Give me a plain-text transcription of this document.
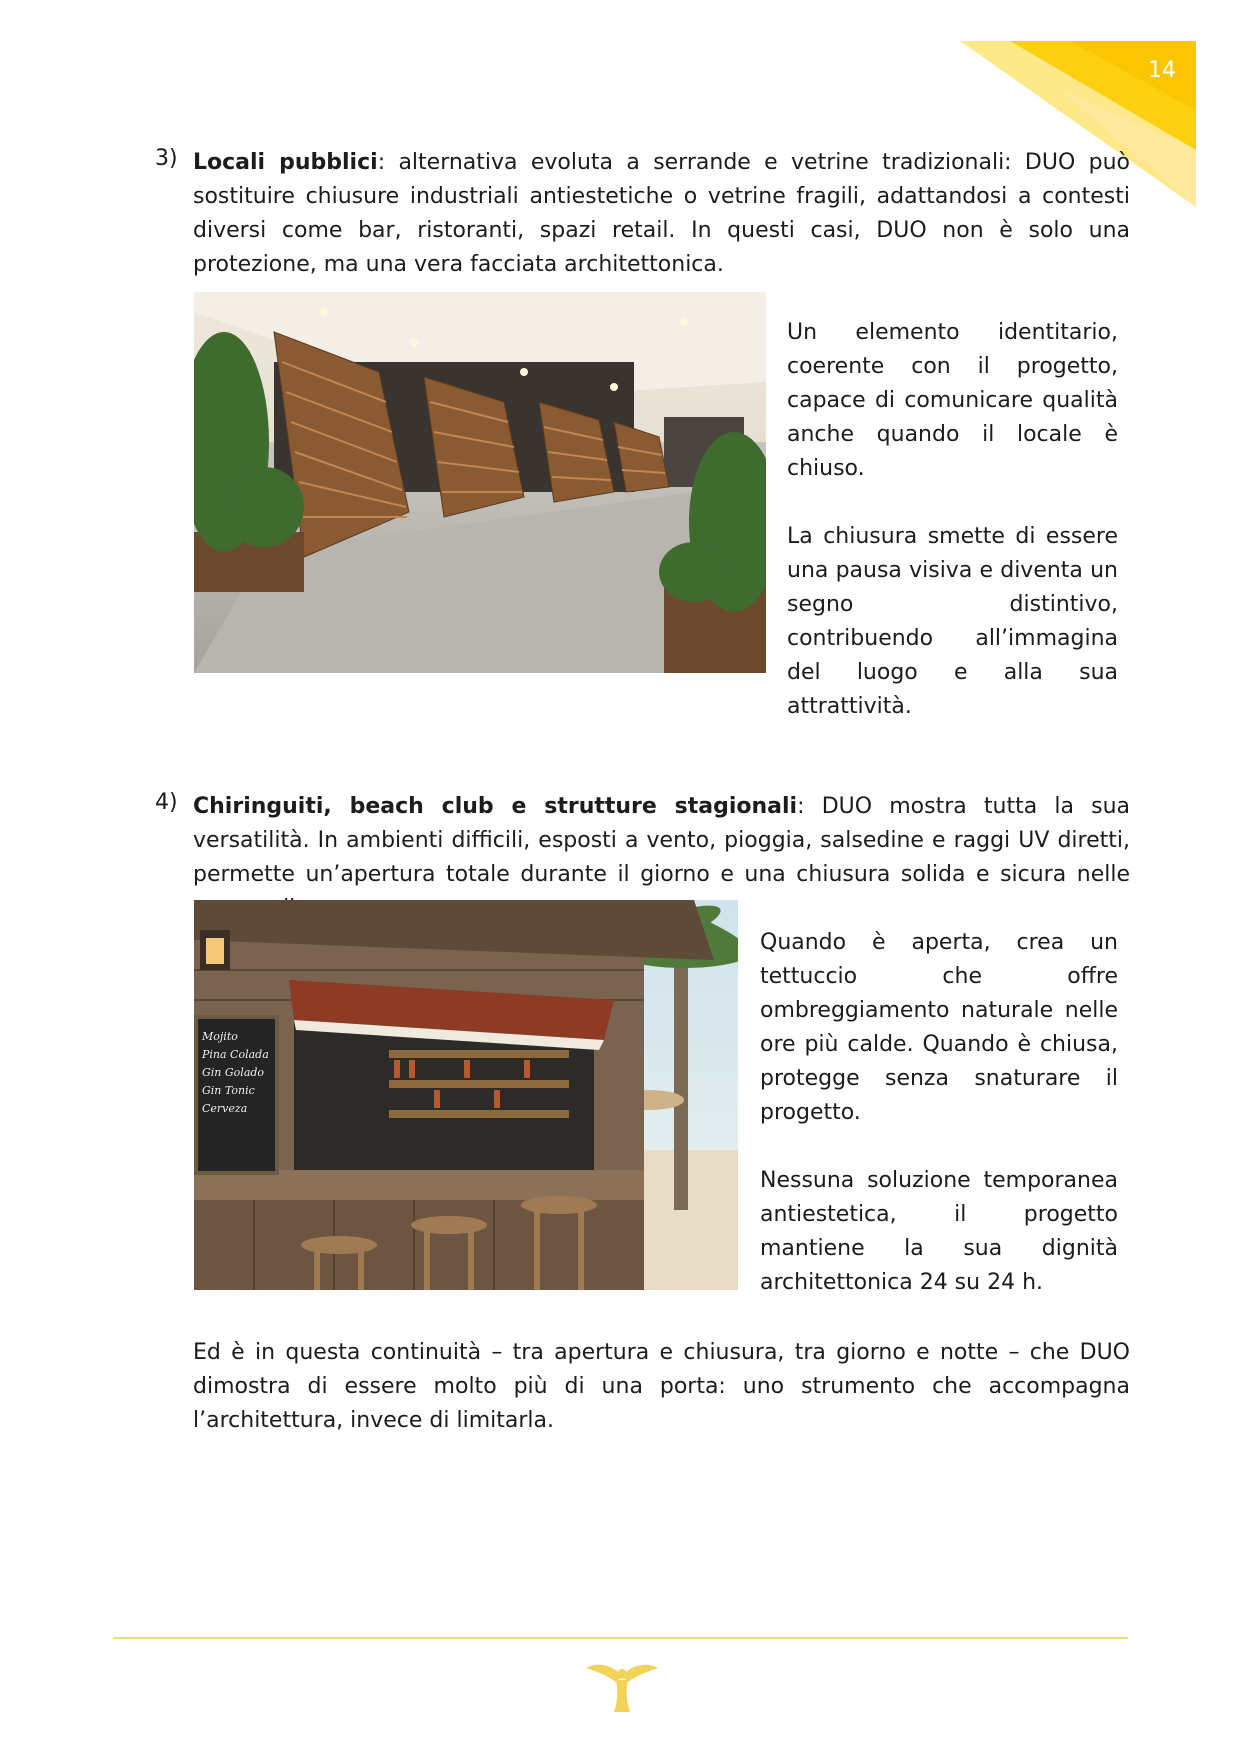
14
3) Locali pubblici: alternativa evoluta a serrande e vetrine tradizionali: DUO può sostituire chiusure industriali antiestetiche o vetrine fragili, adattandosi a contesti diversi come bar, ristoranti, spazi retail. In questi casi, DUO non è solo una protezione, ma una vera facciata architettonica.

Un elemento identitario, coerente con il progetto, capace di comunicare qualità anche quando il locale è chiuso.

La chiusura smette di essere una pausa visiva e diventa un segno distintivo, contribuendo all’immagina del luogo e alla sua attrattività.

4) Chiringuiti, beach club e strutture stagionali: DUO mostra tutta la sua versatilità. In ambienti difficili, esposti a vento, pioggia, salsedine e raggi UV diretti, permette un’apertura totale durante il giorno e una chiusura solida e sicura nelle

Mojito
Pina Colada
Gin Golado
Gin Tonic
Cerveza

Quando è aperta, crea un tettuccio che offre ombreggiamento naturale nelle ore più calde. Quando è chiusa, protegge senza snaturare il progetto.

Nessuna soluzione temporanea antiestetica, il progetto mantiene la sua dignità architettonica 24 su 24 h.

Ed è in questa continuità – tra apertura e chiusura, tra giorno e notte – che DUO dimostra di essere molto più di una porta: uno strumento che accompagna l’architettura, invece di limitarla.
